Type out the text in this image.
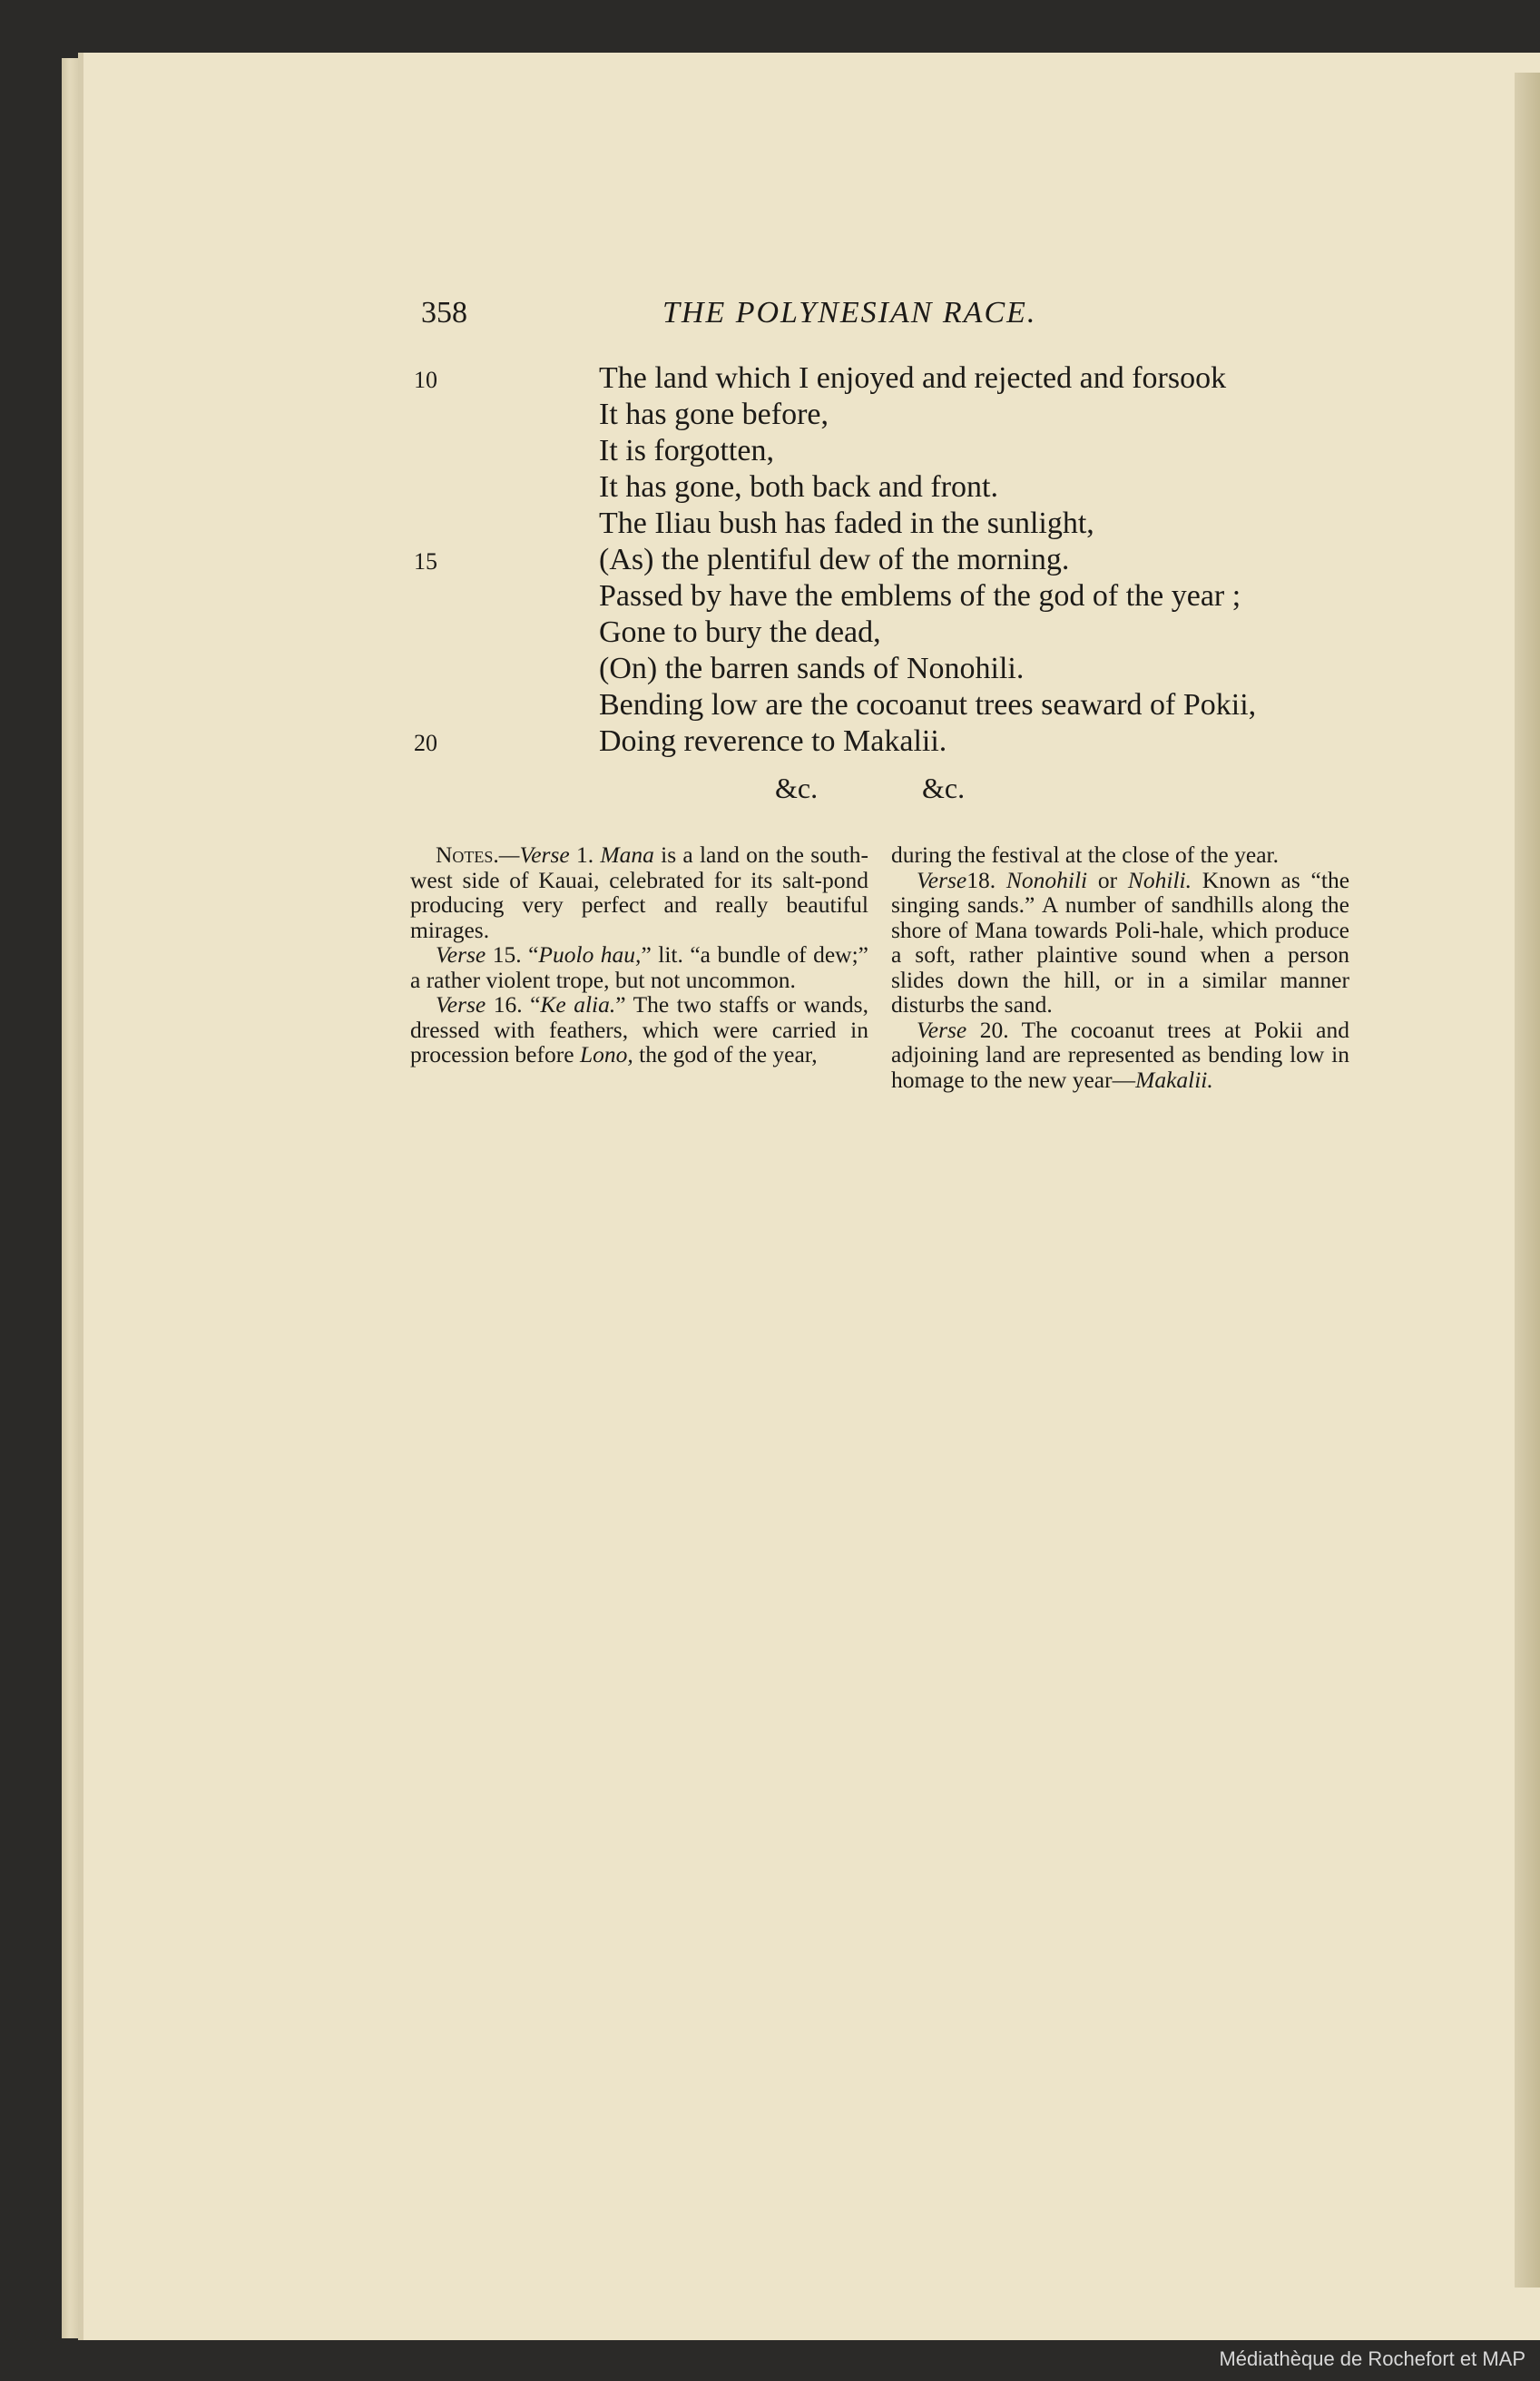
358	THE POLYNESIAN RACE.
The land which I enjoyed and rejected and forsook
It has gone before,
It is forgotten,
It has gone, both back and front.
The Iliau bush has faded in the sunlight,
(As) the plentiful dew of the morning.
Passed by have the emblems of the god of the year ;
Gone to bury the dead,
(On) the barren sands of Nonohili.
Bending low are the cocoanut trees seaward of Pokii,
Doing reverence to Makalii.
10
15
20
&c.	&c.

Notes.—Verse 1. Mana is a land on the south-west side of Kauai, celebrated for its salt-pond producing very perfect and really beautiful mirages.

Verse 15. “Puolo hau,” lit. “a bundle of dew;” a rather violent trope, but not uncommon.

Verse 16. “Ke alia.” The two staffs or wands, dressed with feathers, which were carried in procession before Lono, the god of the year,

during the festival at the close of the year.

Verse18. Nonohili or Nohili. Known as “the singing sands.” A number of sandhills along the shore of Mana towards Poli-hale, which produce a soft, rather plaintive sound when a person slides down the hill, or in a similar manner disturbs the sand.

Verse 20. The cocoanut trees at Pokii and adjoining land are represented as bending low in homage to the new year—Makalii.

Médiathèque de Rochefort et MAP
